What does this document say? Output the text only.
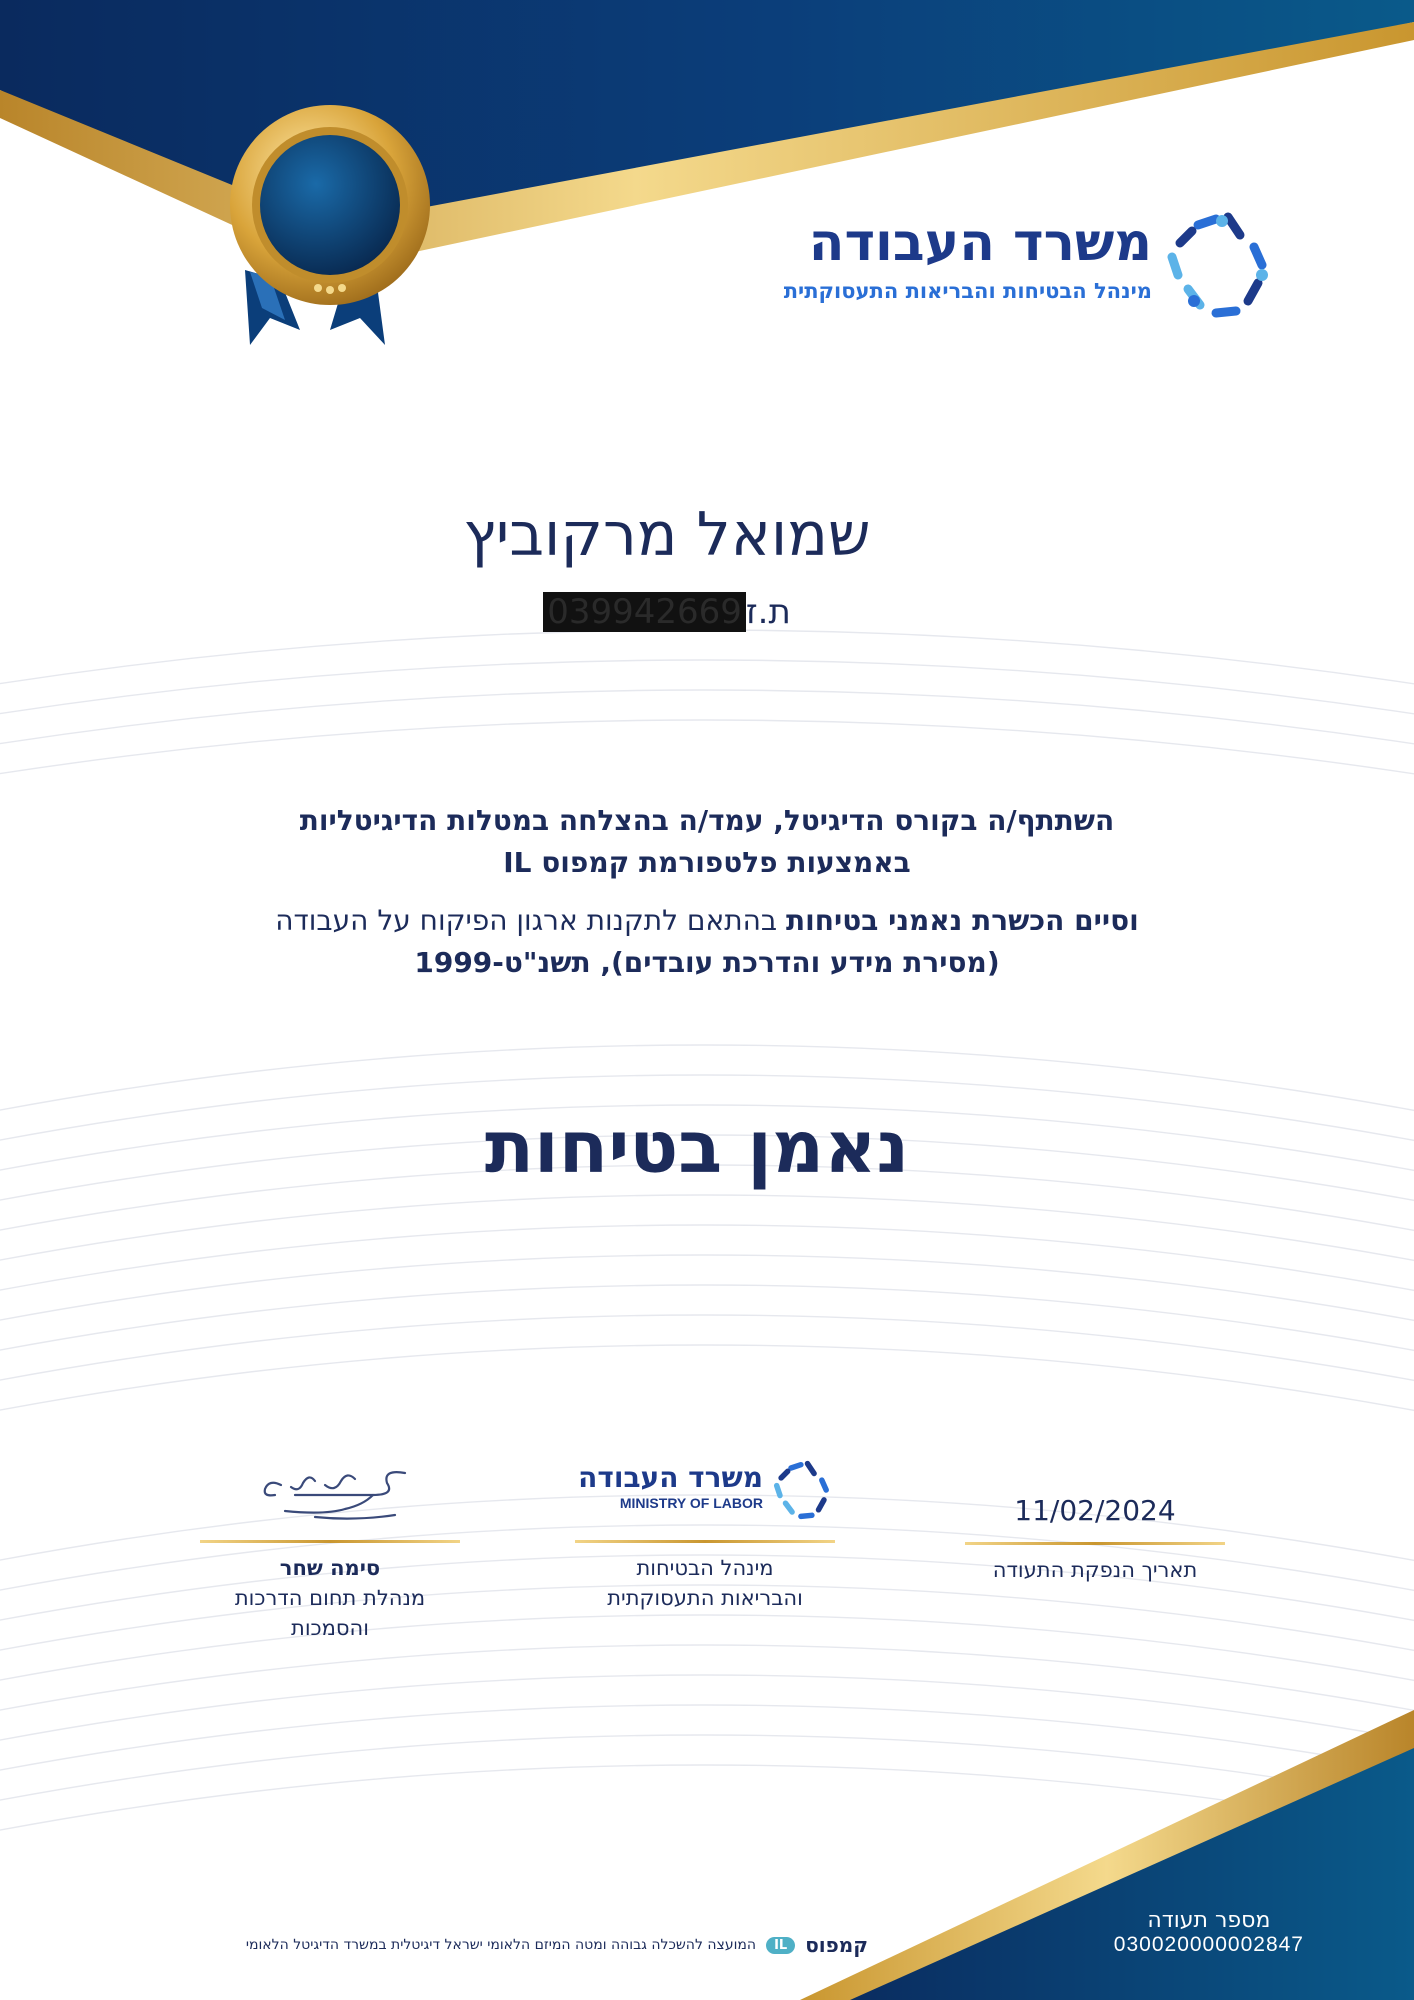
משרד העבודה
מינהל הבטיחות והבריאות התעסוקתית
שמואל מרקוביץ
ת.ז039942669
השתתף/ה בקורס הדיגיטל, עמד/ה בהצלחה במטלות הדיגיטליות
באמצעות פלטפורמת קמפוס IL
וסיים הכשרת נאמני בטיחות בהתאם לתקנות ארגון הפיקוח על העבודה
(מסירת מידע והדרכת עובדים), תשנ"ט-1999
נאמן בטיחות
11/02/2024
תאריך הנפקת התעודה
משרד העבודה
MINISTRY OF LABOR
מינהל הבטיחות
והבריאות התעסוקתית
סימה שחר
מנהלת תחום הדרכות והסמכות
מספר תעודה
030020000002847
קמפוס
IL
המועצה להשכלה גבוהה ומטה המיזם הלאומי ישראל דיגיטלית במשרד הדיגיטל הלאומי
